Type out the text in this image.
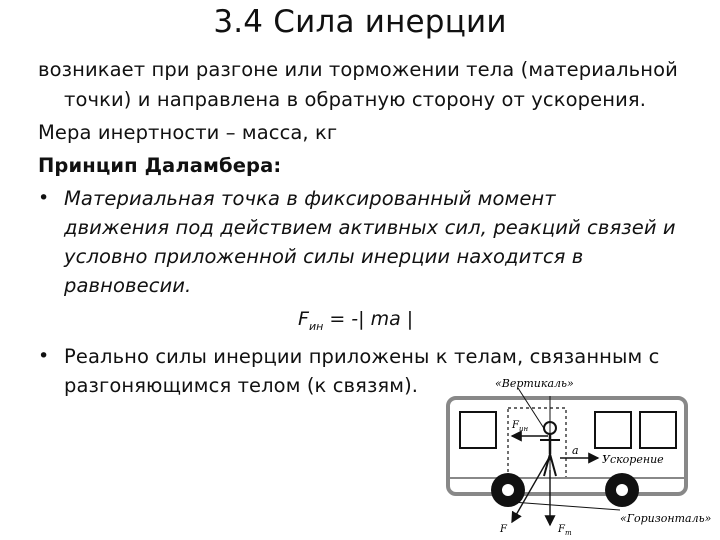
3.4 Сила инерции
возникает при разгоне или торможении тела (материальной
точки) и направлена в обратную сторону от ускорения.
Мера инертности – масса, кг
Принцип Даламбера:
• Материальная точка в фиксированный момент
движения под действием активных сил, реакций связей и
условно приложенной силы инерции находится в
равновесии.
$F_{ин}$ = -| ma |
• Реально силы инерции приложены к телам, связанным с
разгоняющимся телом (к связям).	«Вертикаль»
$F_{ин}$
a
Ускорение
F	$F_т$
«Горизонталь»
